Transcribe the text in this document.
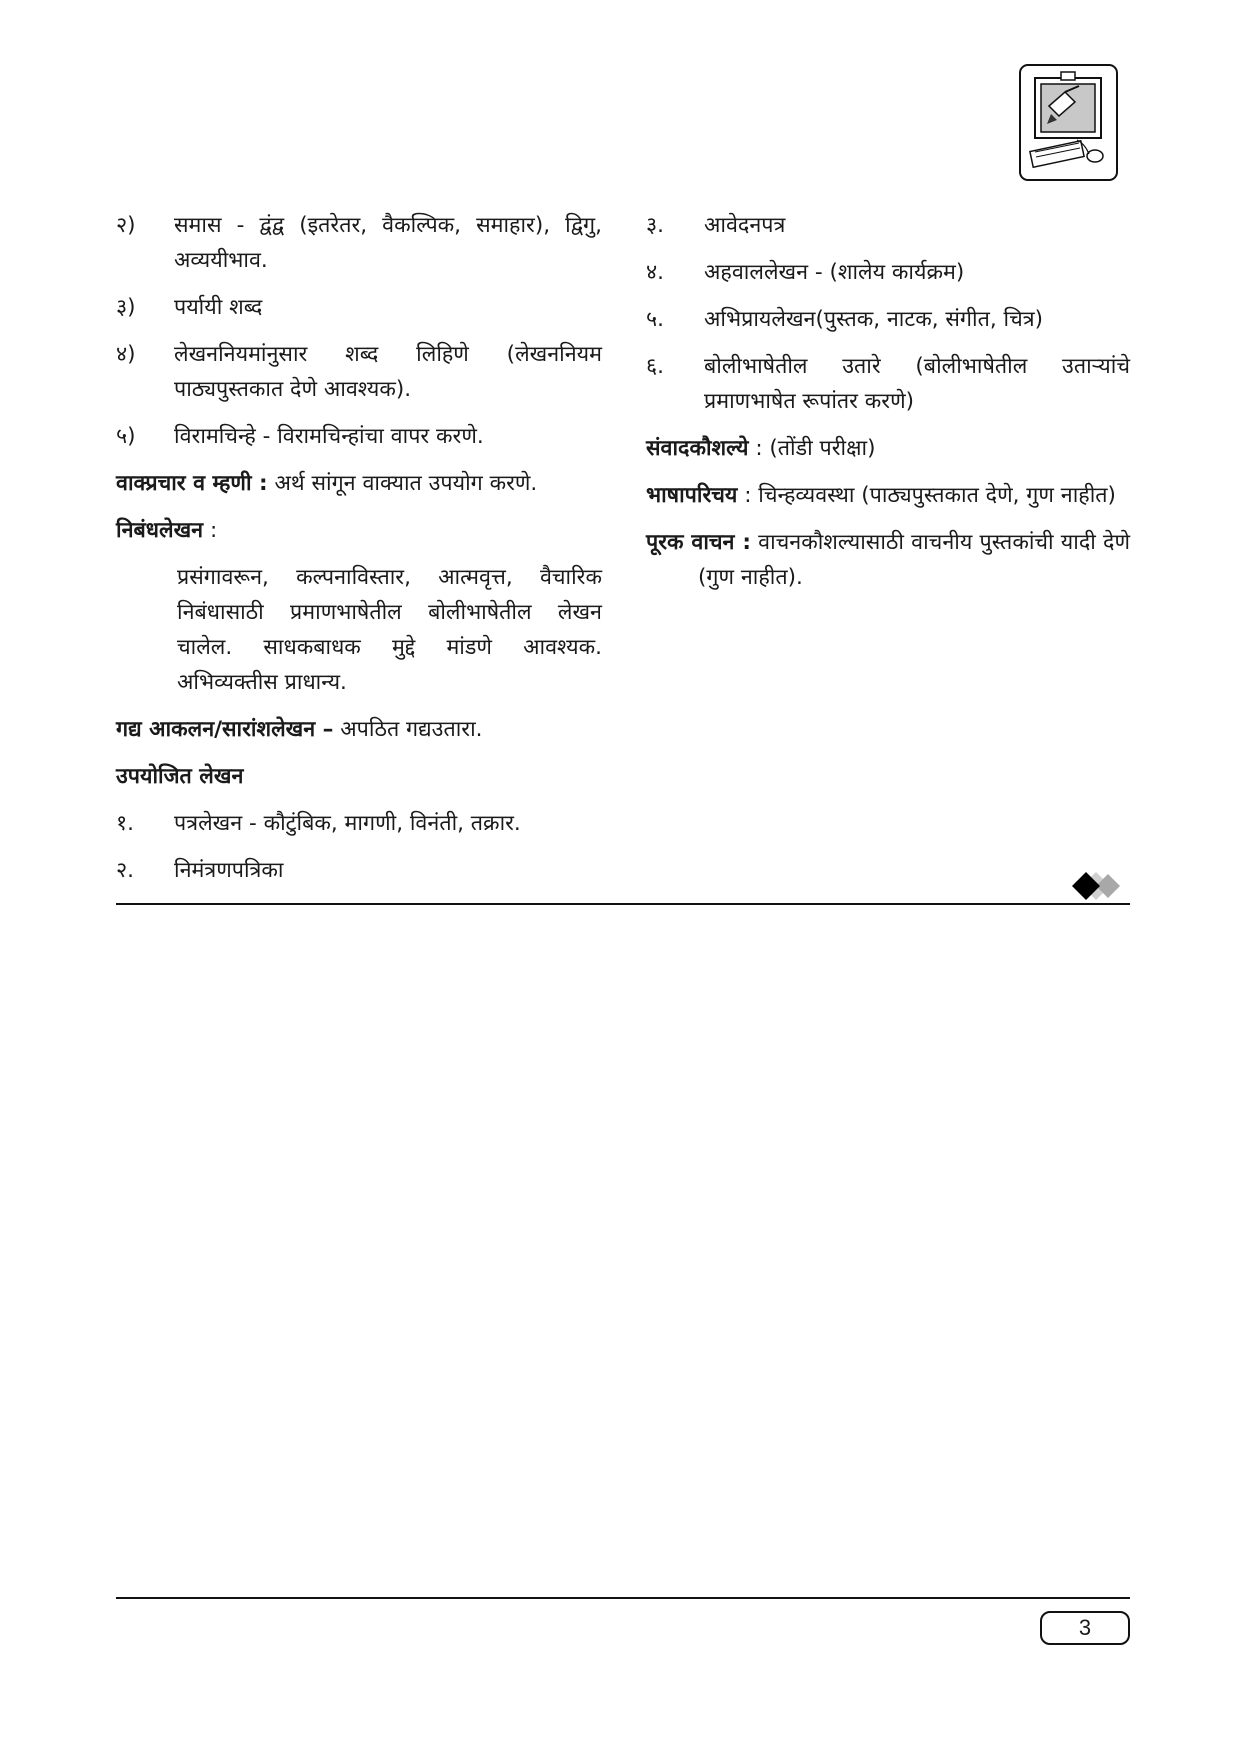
२)	समास - द्वंद्व (इतरेतर, वैकल्पिक, समाहार), द्विगु, अव्ययीभाव.
३)	पर्यायी शब्द
४)	लेखननियमांनुसार शब्द लिहिणे (लेखननियम पाठ्यपुस्तकात देणे आवश्यक).
५)	विरामचिन्हे - विरामचिन्हांचा वापर करणे.
वाक्प्रचार व म्हणी : अर्थ सांगून वाक्यात उपयोग करणे.
निबंधलेखन :
प्रसंगावरून, कल्पनाविस्तार, आत्मवृत्त, वैचारिक निबंधासाठी प्रमाणभाषेतील बोलीभाषेतील लेखन चालेल. साधकबाधक मुद्दे मांडणे आवश्यक. अभिव्यक्तीस प्राधान्य.
गद्य आकलन/सारांशलेखन – अपठित गद्यउतारा.
उपयोजित लेखन
१.	पत्रलेखन - कौटुंबिक, मागणी, विनंती, तक्रार.
२.	निमंत्रणपत्रिका
३.	आवेदनपत्र
४.	अहवाललेखन - (शालेय कार्यक्रम)
५.	अभिप्रायलेखन(पुस्तक, नाटक, संगीत, चित्र)
६.	बोलीभाषेतील उतारे (बोलीभाषेतील उताऱ्यांचे प्रमाणभाषेत रूपांतर करणे)
संवादकौशल्ये : (तोंडी परीक्षा)
भाषापरिचय : चिन्हव्यवस्था (पाठ्यपुस्तकात देणे, गुण नाहीत)
पूरक वाचन : वाचनकौशल्यासाठी वाचनीय पुस्तकांची यादी देणे (गुण नाहीत).
3
